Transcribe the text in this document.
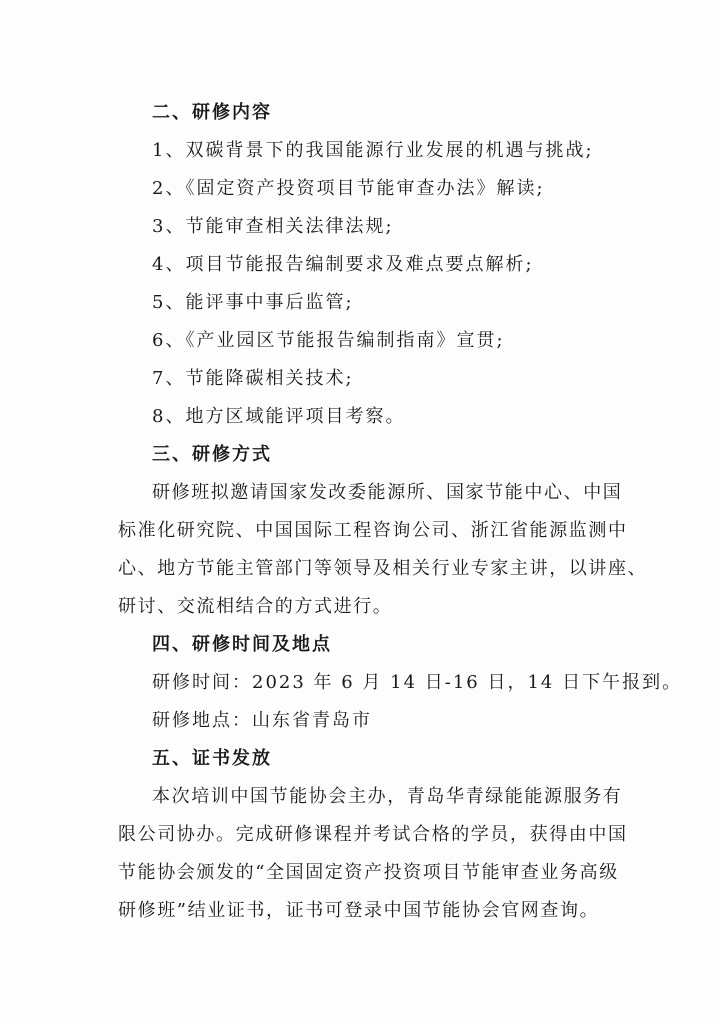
二、研修内容
1、双碳背景下的我国能源行业发展的机遇与挑战;
2、《固定资产投资项目节能审查办法》解读;
3、节能审查相关法律法规;
4、项目节能报告编制要求及难点要点解析;
5、能评事中事后监管;
6、《产业园区节能报告编制指南》宣贯;
7、节能降碳相关技术;
8、地方区域能评项目考察。
三、研修方式
研修班拟邀请国家发改委能源所、国家节能中心、中国
标准化研究院、中国国际工程咨询公司、浙江省能源监测中
心、地方节能主管部门等领导及相关行业专家主讲，以讲座、
研讨、交流相结合的方式进行。
四、研修时间及地点
研修时间：2023 年 6 月 14 日-16 日，14 日下午报到。
研修地点：山东省青岛市
五、证书发放
本次培训中国节能协会主办，青岛华青绿能能源服务有
限公司协办。完成研修课程并考试合格的学员，获得由中国
节能协会颁发的“全国固定资产投资项目节能审查业务高级
研修班”结业证书，证书可登录中国节能协会官网查询。
